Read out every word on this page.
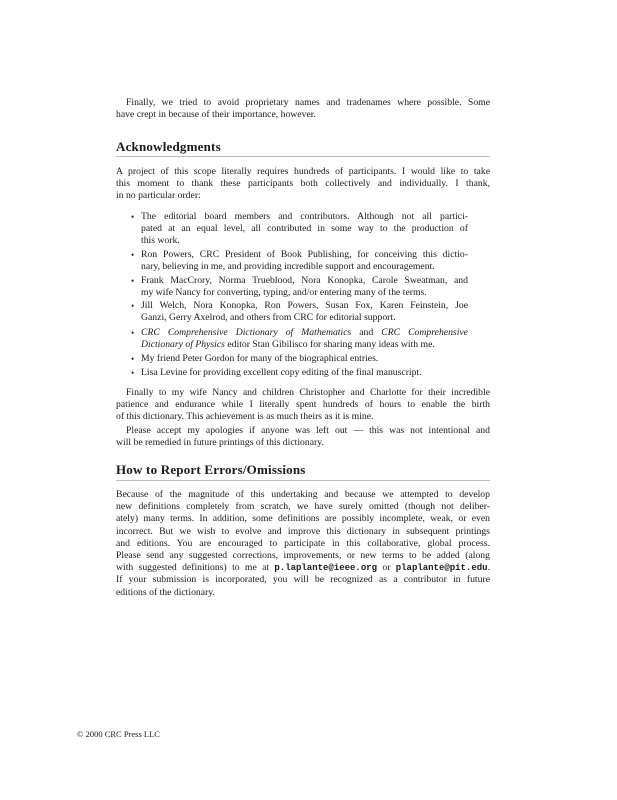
Finally, we tried to avoid proprietary names and tradenames where possible. Some
have crept in because of their importance, however.
Acknowledgments
A project of this scope literally requires hundreds of participants. I would like to take
this moment to thank these participants both collectively and individually. I thank,
in no particular order:
• The editorial board members and contributors. Although not all partici-
pated at an equal level, all contributed in some way to the production of
this work.
• Ron Powers, CRC President of Book Publishing, for conceiving this dictio-
nary, believing in me, and providing incredible support and encouragement.
• Frank MacCrory, Norma Trueblood, Nora Konopka, Carole Sweatman, and
my wife Nancy for converting, typing, and/or entering many of the terms.
• Jill Welch, Nora Konopka, Ron Powers, Susan Fox, Karen Feinstein, Joe
Ganzi, Gerry Axelrod, and others from CRC for editorial support.
• CRC Comprehensive Dictionary of Mathematics and CRC Comprehensive
Dictionary of Physics editor Stan Gibilisco for sharing many ideas with me.
• My friend Peter Gordon for many of the biographical entries.
• Lisa Levine for providing excellent copy editing of the final manuscript.
Finally to my wife Nancy and children Christopher and Charlotte for their incredible
patience and endurance while I literally spent hundreds of hours to enable the birth
of this dictionary. This achievement is as much theirs as it is mine.
Please accept my apologies if anyone was left out — this was not intentional and
will be remedied in future printings of this dictionary.
How to Report Errors/Omissions
Because of the magnitude of this undertaking and because we attempted to develop
new definitions completely from scratch, we have surely omitted (though not deliber-
ately) many terms. In addition, some definitions are possibly incomplete, weak, or even
incorrect. But we wish to evolve and improve this dictionary in subsequent printings
and editions. You are encouraged to participate in this collaborative, global process.
Please send any suggested corrections, improvements, or new terms to be added (along
with suggested definitions) to me at p.laplante@ieee.org or plaplante@pit.edu.
If your submission is incorporated, you will be recognized as a contributor in future
editions of the dictionary.
© 2000 CRC Press LLC
